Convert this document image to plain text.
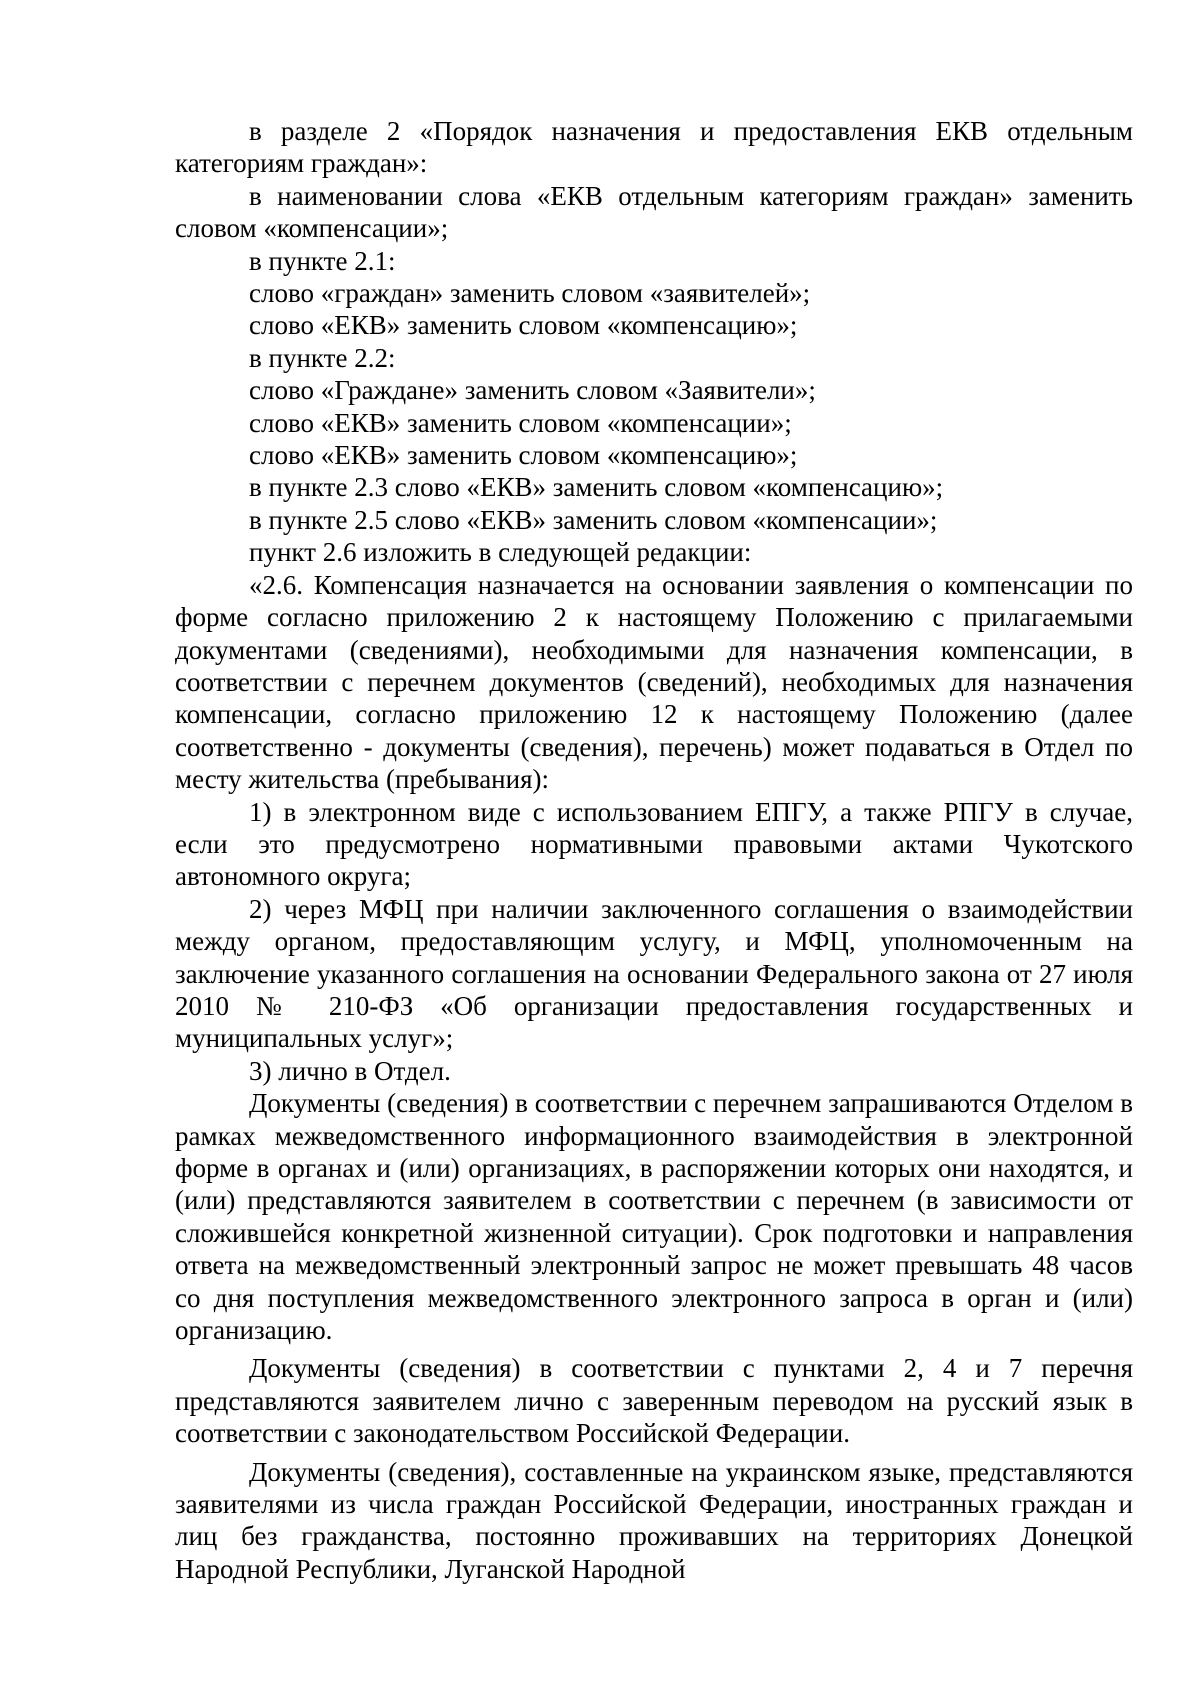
в разделе 2 «Порядок назначения и предоставления ЕКВ отдельным категориям граждан»:

в наименовании слова «ЕКВ отдельным категориям граждан» заменить словом «компенсации»;

в пункте 2.1:

слово «граждан» заменить словом «заявителей»;

слово «ЕКВ» заменить словом «компенсацию»;

в пункте 2.2:

слово «Граждане» заменить словом «Заявители»;

слово «ЕКВ» заменить словом «компенсации»;

слово «ЕКВ» заменить словом «компенсацию»;

в пункте 2.3 слово «ЕКВ» заменить словом «компенсацию»;

в пункте 2.5 слово «ЕКВ» заменить словом «компенсации»;

пункт 2.6 изложить в следующей редакции:

«2.6. Компенсация назначается на основании заявления о компенсации по форме согласно приложению 2 к настоящему Положению с прилагаемыми документами (сведениями), необходимыми для назначения компенсации, в соответствии с перечнем документов (сведений), необходимых для назначения компенсации, согласно приложению 12 к настоящему Положению (далее соответственно - документы (сведения), перечень) может подаваться в Отдел по месту жительства (пребывания):

1) в электронном виде с использованием ЕПГУ, а также РПГУ в случае, если это предусмотрено нормативными правовыми актами Чукотского автономного округа;

2) через МФЦ при наличии заключенного соглашения о взаимодействии между органом, предоставляющим услугу, и МФЦ, уполномоченным на заключение указанного соглашения на основании Федерального закона от 27 июля 2010 № 210-ФЗ «Об организации предоставления государственных и муниципальных услуг»;

3) лично в Отдел.

Документы (сведения) в соответствии с перечнем запрашиваются Отделом в рамках межведомственного информационного взаимодействия в электронной форме в органах и (или) организациях, в распоряжении которых они находятся, и (или) представляются заявителем в соответствии с перечнем (в зависимости от сложившейся конкретной жизненной ситуации). Срок подготовки и направления ответа на межведомственный электронный запрос не может превышать 48 часов со дня поступления межведомственного электронного запроса в орган и (или) организацию.

Документы (сведения) в соответствии с пунктами 2, 4 и 7 перечня представляются заявителем лично с заверенным переводом на русский язык в соответствии с законодательством Российской Федерации.

Документы (сведения), составленные на украинском языке, представляются заявителями из числа граждан Российской Федерации, иностранных граждан и лиц без гражданства, постоянно проживавших на территориях Донецкой Народной Республики, Луганской Народной
